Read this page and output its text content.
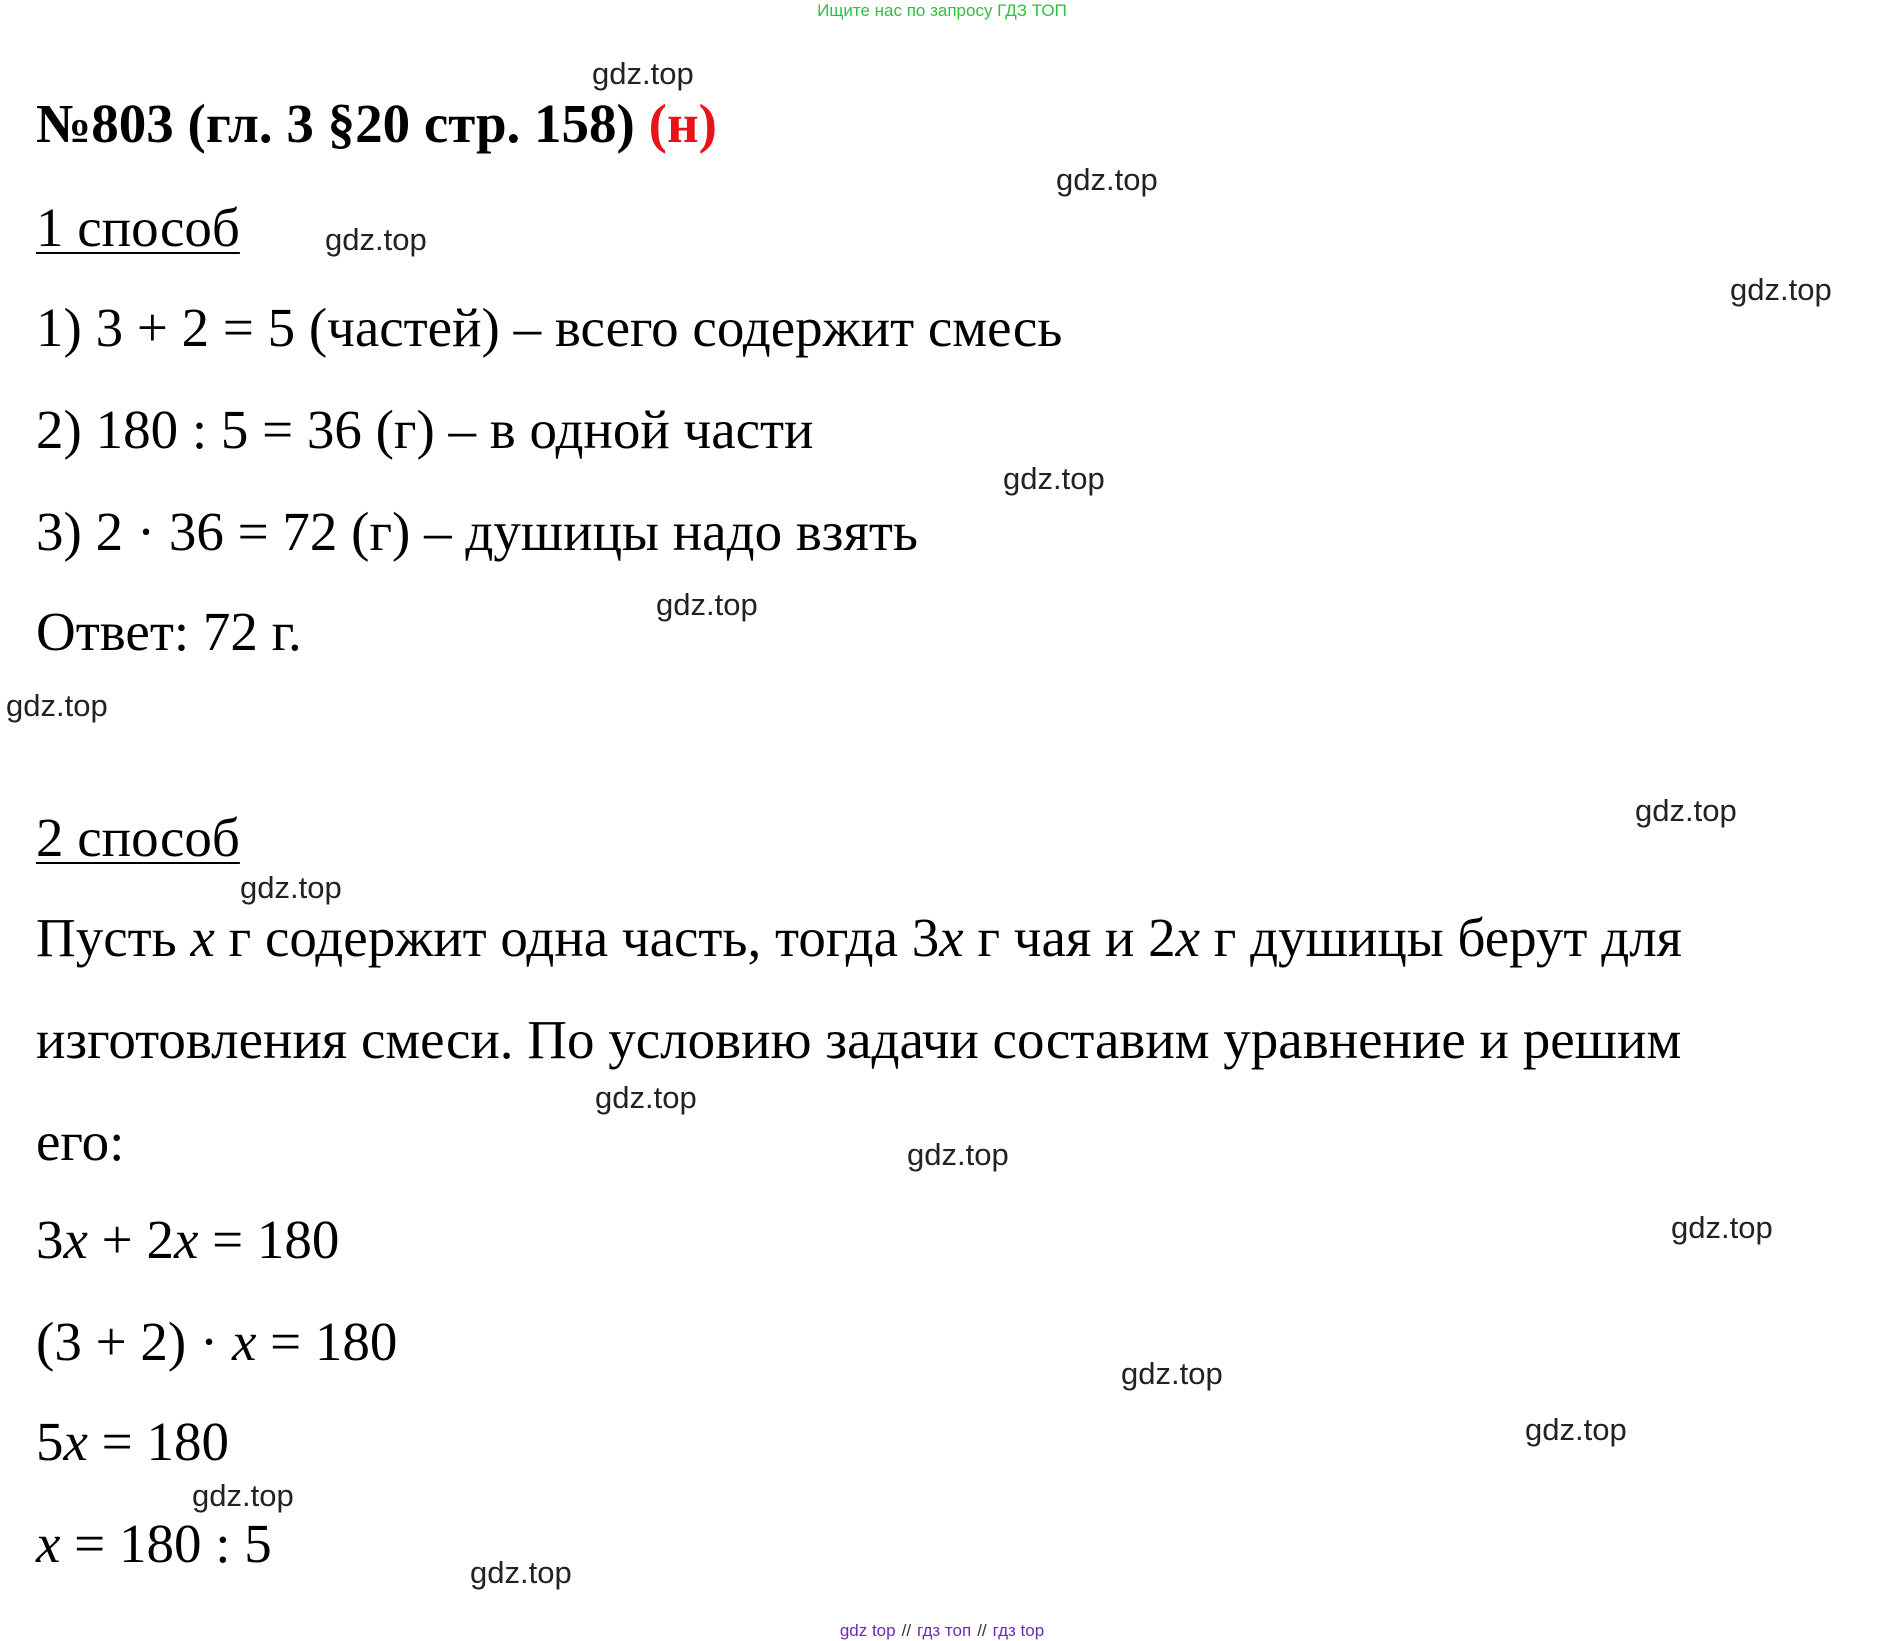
Ищите нас по запросу ГДЗ ТОП
№803 (гл. 3 §20 стр. 158) (н)
1 способ
1) 3 + 2 = 5 (частей) – всего содержит смесь
2) 180 : 5 = 36 (г) – в одной части
3) 2 · 36 = 72 (г) – душицы надо взять
Ответ: 72 г.
2 способ
Пусть x г содержит одна часть, тогда 3x г чая и 2x г душицы берут для
изготовления смеси. По условию задачи составим уравнение и решим
его:
3x + 2x = 180
(3 + 2) · x = 180
5x = 180
x = 180 : 5
gdz.top
gdz.top
gdz.top
gdz.top
gdz.top
gdz.top
gdz.top
gdz.top
gdz.top
gdz.top
gdz.top
gdz.top
gdz.top
gdz.top
gdz.top
gdz.top
gdz top // гдз топ // гдз top
